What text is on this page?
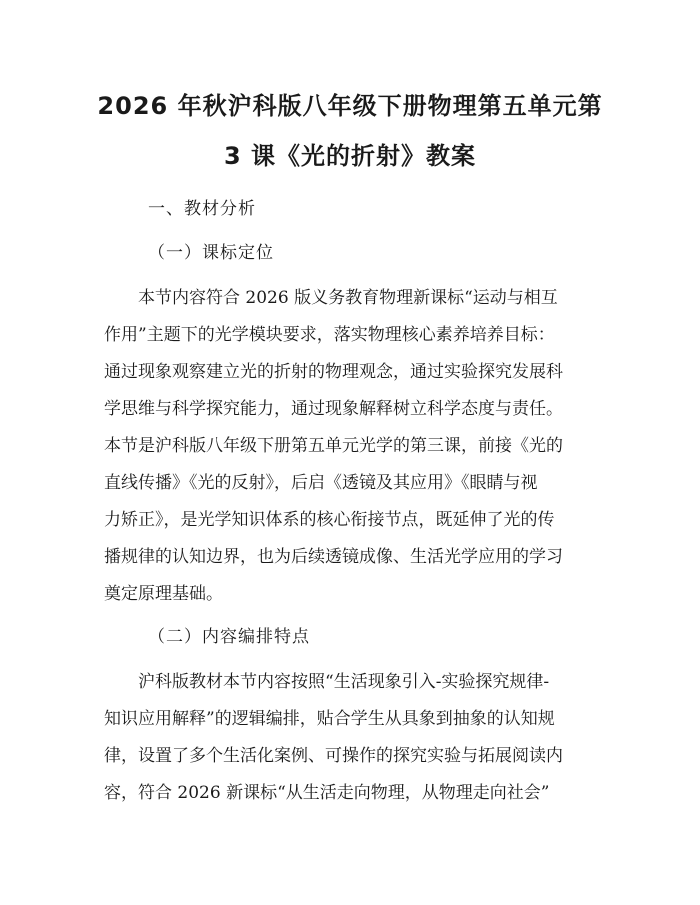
2026 年秋沪科版八年级下册物理第五单元第
3 课《光的折射》教案

一、教材分析

（一）课标定位

本节内容符合 2026 版义务教育物理新课标“运动与相互
作用”主题下的光学模块要求，落实物理核心素养培养目标：
通过现象观察建立光的折射的物理观念，通过实验探究发展科
学思维与科学探究能力，通过现象解释树立科学态度与责任。
本节是沪科版八年级下册第五单元光学的第三课，前接《光的
直线传播》《光的反射》，后启《透镜及其应用》《眼睛与视
力矫正》，是光学知识体系的核心衔接节点，既延伸了光的传
播规律的认知边界，也为后续透镜成像、生活光学应用的学习
奠定原理基础。

（二）内容编排特点

沪科版教材本节内容按照“生活现象引入-实验探究规律-
知识应用解释”的逻辑编排，贴合学生从具象到抽象的认知规
律，设置了多个生活化案例、可操作的探究实验与拓展阅读内
容，符合 2026 新课标“从生活走向物理，从物理走向社会”
